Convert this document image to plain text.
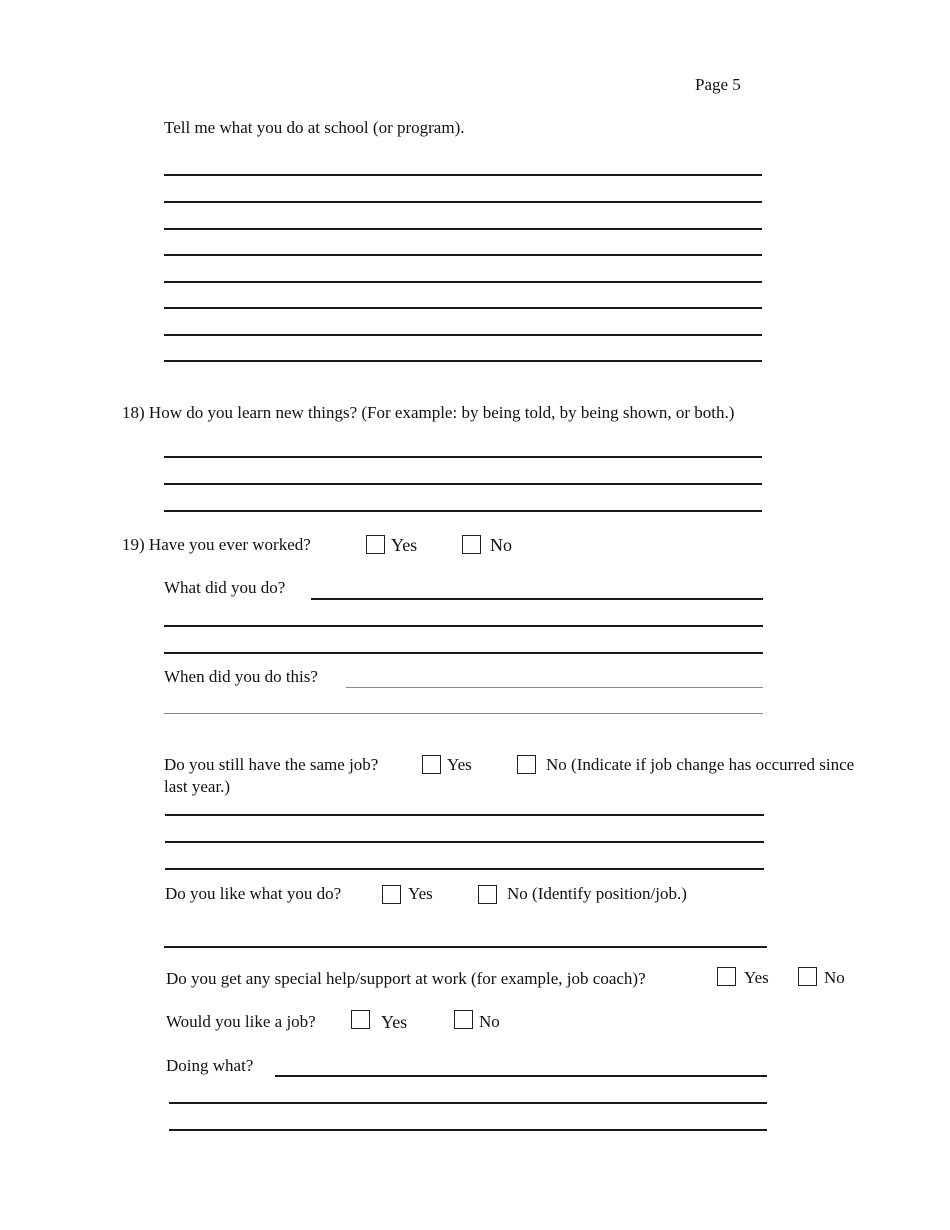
Page 5
Tell me what you do at school (or program).
18) How do you learn new things? (For example: by being told, by being shown, or both.)
19) Have you ever worked?	Yes	No
What did you do?
When did you do this?
Do you still have the same job?	Yes	No (Indicate if job change has occurred since
last year.)
Do you like what you do?	Yes	No (Identify position/job.)
Do you get any special help/support at work (for example, job coach)?	Yes	No
Would you like a job?	Yes	No
Doing what?
